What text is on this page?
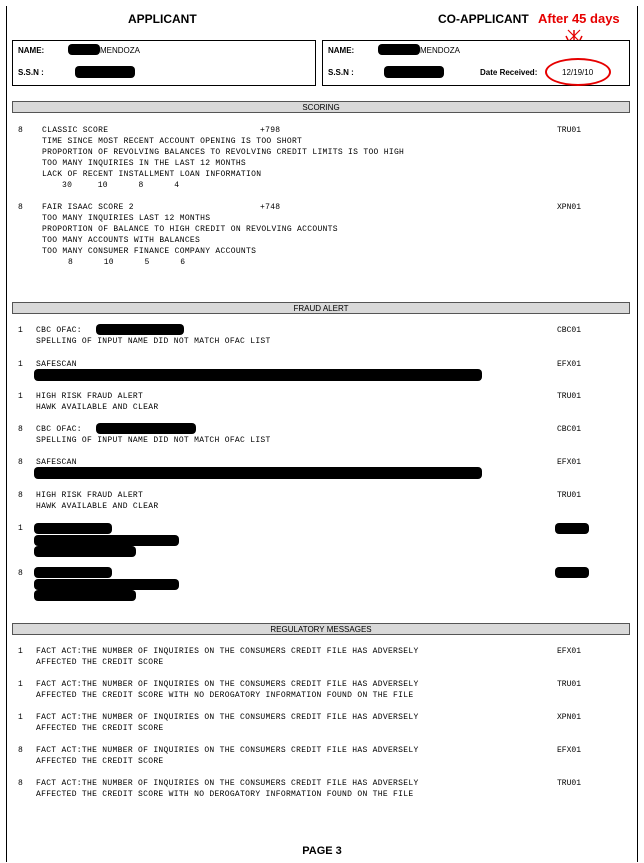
APPLICANT	CO-APPLICANT After 45 days
NAME:	MENDOZA
S.S.N :
NAME:	MENDOZA
S.S.N :	Date Received:	12/19/10
SCORING
8 CLASSIC SCORE	+798	TRU01
TIME SINCE MOST RECENT ACCOUNT OPENING IS TOO SHORT
PROPORTION OF REVOLVING BALANCES TO REVOLVING CREDIT LIMITS IS TOO HIGH
TOO MANY INQUIRIES IN THE LAST 12 MONTHS
LACK OF RECENT INSTALLMENT LOAN INFORMATION
30     10      8      4
8 FAIR ISAAC SCORE 2	+748	XPN01
TOO MANY INQUIRIES LAST 12 MONTHS
PROPORTION OF BALANCE TO HIGH CREDIT ON REVOLVING ACCOUNTS
TOO MANY ACCOUNTS WITH BALANCES
TOO MANY CONSUMER FINANCE COMPANY ACCOUNTS
8      10      5      6
FRAUD ALERT
1 CBC OFAC:	CBC01
SPELLING OF INPUT NAME DID NOT MATCH OFAC LIST
1 SAFESCAN	EFX01
1 HIGH RISK FRAUD ALERT	TRU01
HAWK AVAILABLE AND CLEAR
8 CBC OFAC:	CBC01
SPELLING OF INPUT NAME DID NOT MATCH OFAC LIST
8 SAFESCAN	EFX01
8 HIGH RISK FRAUD ALERT	TRU01
HAWK AVAILABLE AND CLEAR
1
8
REGULATORY MESSAGES
1 FACT ACT:THE NUMBER OF INQUIRIES ON THE CONSUMERS CREDIT FILE HAS ADVERSELY	EFX01
AFFECTED THE CREDIT SCORE
1 FACT ACT:THE NUMBER OF INQUIRIES ON THE CONSUMERS CREDIT FILE HAS ADVERSELY	TRU01
AFFECTED THE CREDIT SCORE WITH NO DEROGATORY INFORMATION FOUND ON THE FILE
1 FACT ACT:THE NUMBER OF INQUIRIES ON THE CONSUMERS CREDIT FILE HAS ADVERSELY	XPN01
AFFECTED THE CREDIT SCORE
8 FACT ACT:THE NUMBER OF INQUIRIES ON THE CONSUMERS CREDIT FILE HAS ADVERSELY	EFX01
AFFECTED THE CREDIT SCORE
8 FACT ACT:THE NUMBER OF INQUIRIES ON THE CONSUMERS CREDIT FILE HAS ADVERSELY	TRU01
AFFECTED THE CREDIT SCORE WITH NO DEROGATORY INFORMATION FOUND ON THE FILE
PAGE 3
